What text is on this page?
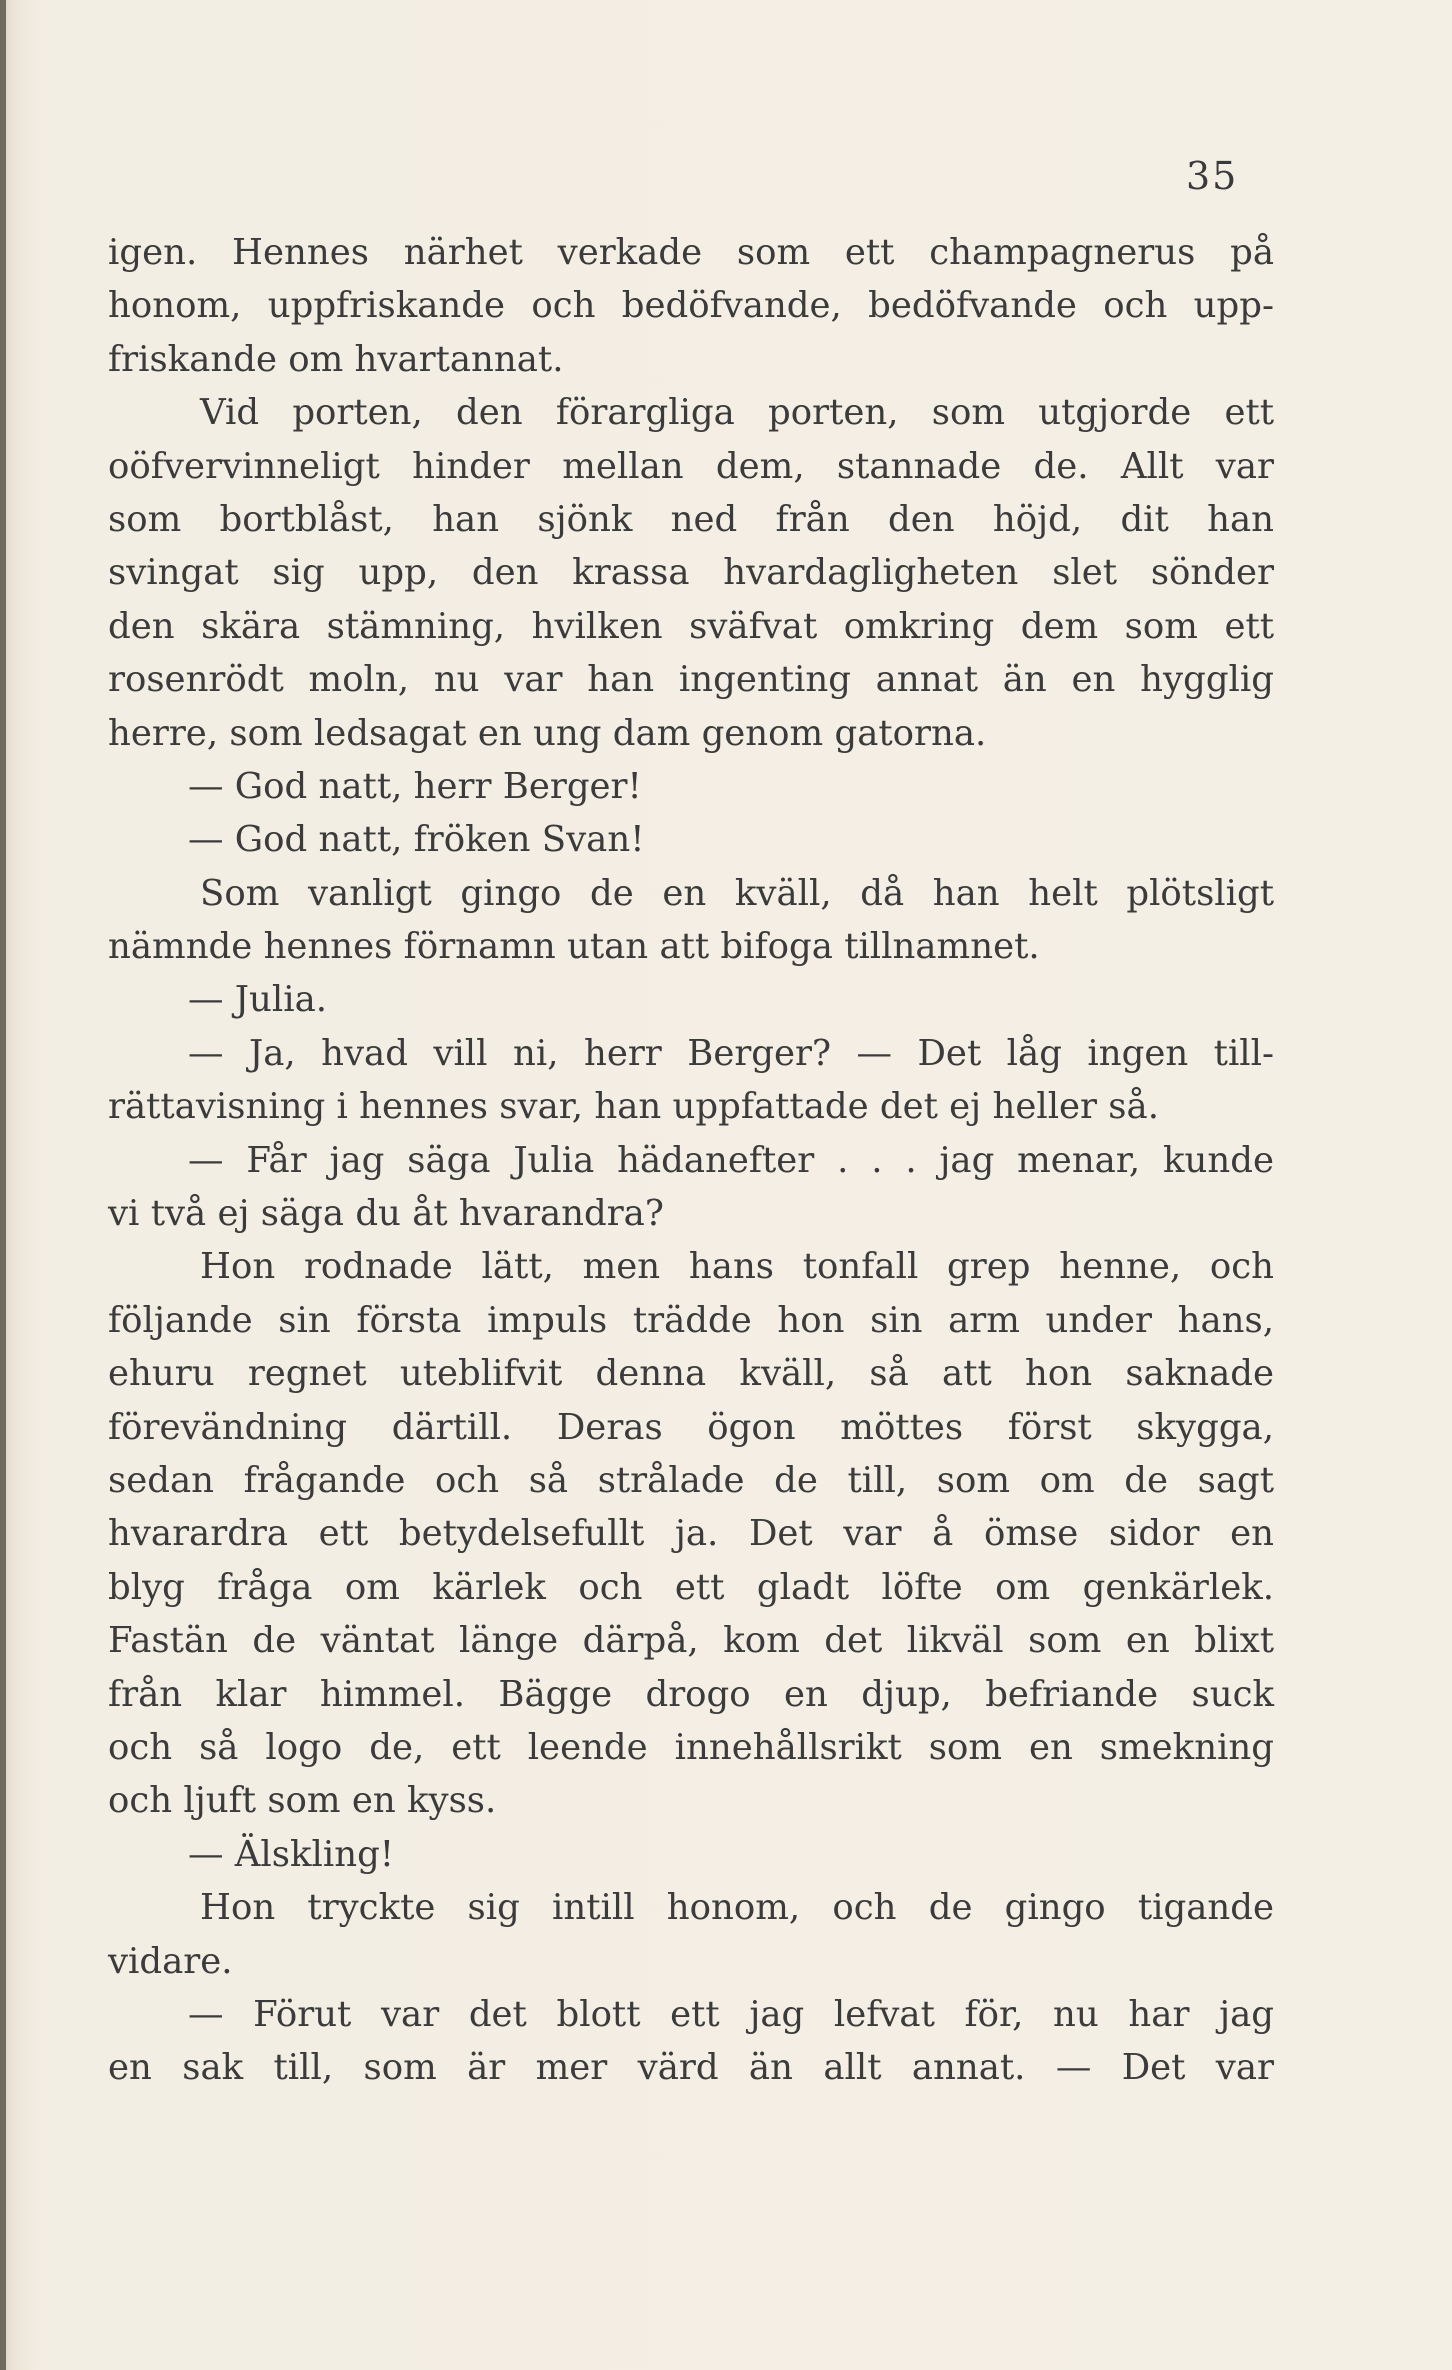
35
igen. Hennes närhet verkade som ett champagnerus på
honom, uppfriskande och bedöfvande, bedöfvande och upp-
friskande om hvartannat.
Vid porten, den förargliga porten, som utgjorde ett
oöfvervinneligt hinder mellan dem, stannade de. Allt var
som bortblåst, han sjönk ned från den höjd, dit han
svingat sig upp, den krassa hvardagligheten slet sönder
den skära stämning, hvilken sväfvat omkring dem som ett
rosenrödt moln, nu var han ingenting annat än en hygglig
herre, som ledsagat en ung dam genom gatorna.
— God natt, herr Berger!
— God natt, fröken Svan!
Som vanligt gingo de en kväll, då han helt plötsligt
nämnde hennes förnamn utan att bifoga tillnamnet.
— Julia.
— Ja, hvad vill ni, herr Berger? — Det låg ingen till-
rättavisning i hennes svar, han uppfattade det ej heller så.
— Får jag säga Julia hädanefter . . . jag menar, kunde
vi två ej säga du åt hvarandra?
Hon rodnade lätt, men hans tonfall grep henne, och
följande sin första impuls trädde hon sin arm under hans,
ehuru regnet uteblifvit denna kväll, så att hon saknade
förevändning därtill. Deras ögon möttes först skygga,
sedan frågande och så strålade de till, som om de sagt
hvarardra ett betydelsefullt ja. Det var å ömse sidor en
blyg fråga om kärlek och ett gladt löfte om genkärlek.
Fastän de väntat länge därpå, kom det likväl som en blixt
från klar himmel. Bägge drogo en djup, befriande suck
och så logo de, ett leende innehållsrikt som en smekning
och ljuft som en kyss.
— Älskling!
Hon tryckte sig intill honom, och de gingo tigande
vidare.
— Förut var det blott ett jag lefvat för, nu har jag
en sak till, som är mer värd än allt annat. — Det var
